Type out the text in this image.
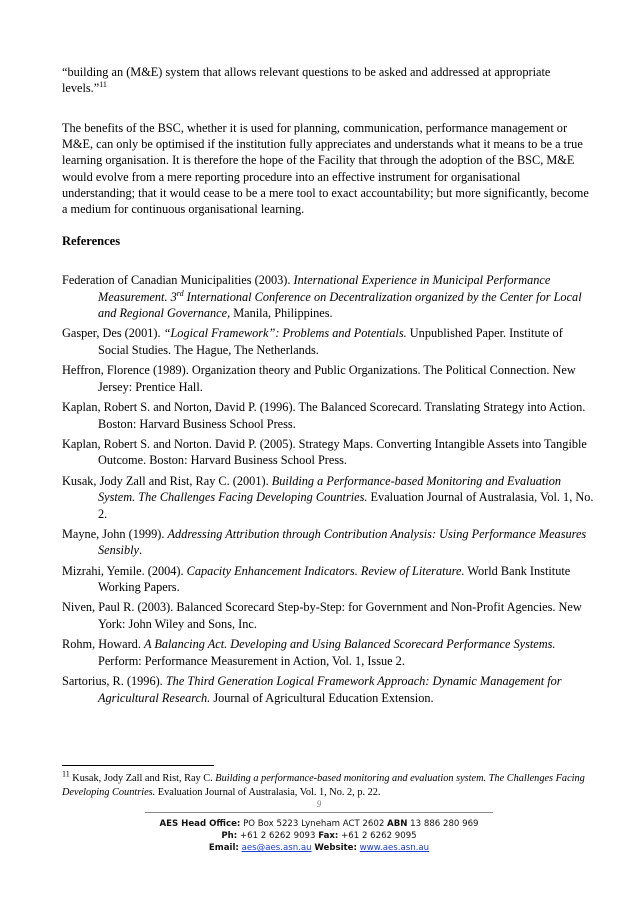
“building an (M&E) system that allows relevant questions to be asked and addressed at appropriate levels.”$^{11}$

The benefits of the BSC, whether it is used for planning, communication, performance management or M&E, can only be optimised if the institution fully appreciates and understands what it means to be a true learning organisation. It is therefore the hope of the Facility that through the adoption of the BSC, M&E would evolve from a mere reporting procedure into an effective instrument for organisational understanding; that it would cease to be a mere tool to exact accountability; but more significantly, become a medium for continuous organisational learning.

References

Federation of Canadian Municipalities (2003). International Experience in Municipal Performance Measurement. 3rd International Conference on Decentralization organized by the Center for Local and Regional Governance, Manila, Philippines.
Gasper, Des (2001). “Logical Framework”: Problems and Potentials. Unpublished Paper. Institute of Social Studies. The Hague, The Netherlands.
Heffron, Florence (1989). Organization theory and Public Organizations. The Political Connection. New Jersey: Prentice Hall.
Kaplan, Robert S. and Norton, David P. (1996). The Balanced Scorecard. Translating Strategy into Action. Boston: Harvard Business School Press.
Kaplan, Robert S. and Norton. David P. (2005). Strategy Maps. Converting Intangible Assets into Tangible Outcome. Boston: Harvard Business School Press.
Kusak, Jody Zall and Rist, Ray C. (2001). Building a Performance-based Monitoring and Evaluation System. The Challenges Facing Developing Countries. Evaluation Journal of Australasia, Vol. 1, No. 2.
Mayne, John (1999). Addressing Attribution through Contribution Analysis: Using Performance Measures Sensibly.
Mizrahi, Yemile. (2004). Capacity Enhancement Indicators. Review of Literature. World Bank Institute Working Papers.
Niven, Paul R. (2003). Balanced Scorecard Step-by-Step: for Government and Non-Profit Agencies. New York: John Wiley and Sons, Inc.
Rohm, Howard. A Balancing Act. Developing and Using Balanced Scorecard Performance Systems. Perform: Performance Measurement in Action, Vol. 1, Issue 2.
Sartorius, R. (1996). The Third Generation Logical Framework Approach: Dynamic Management for Agricultural Research. Journal of Agricultural Education Extension.

$^{11}$ Kusak, Jody Zall and Rist, Ray C. Building a performance-based monitoring and evaluation system. The Challenges Facing Developing Countries. Evaluation Journal of Australasia, Vol. 1, No. 2, p. 22.

9
AES Head Office: PO Box 5223 Lyneham ACT 2602 ABN 13 886 280 969
Ph: +61 2 6262 9093 Fax: +61 2 6262 9095
Email: aes@aes.asn.au Website: www.aes.asn.au
